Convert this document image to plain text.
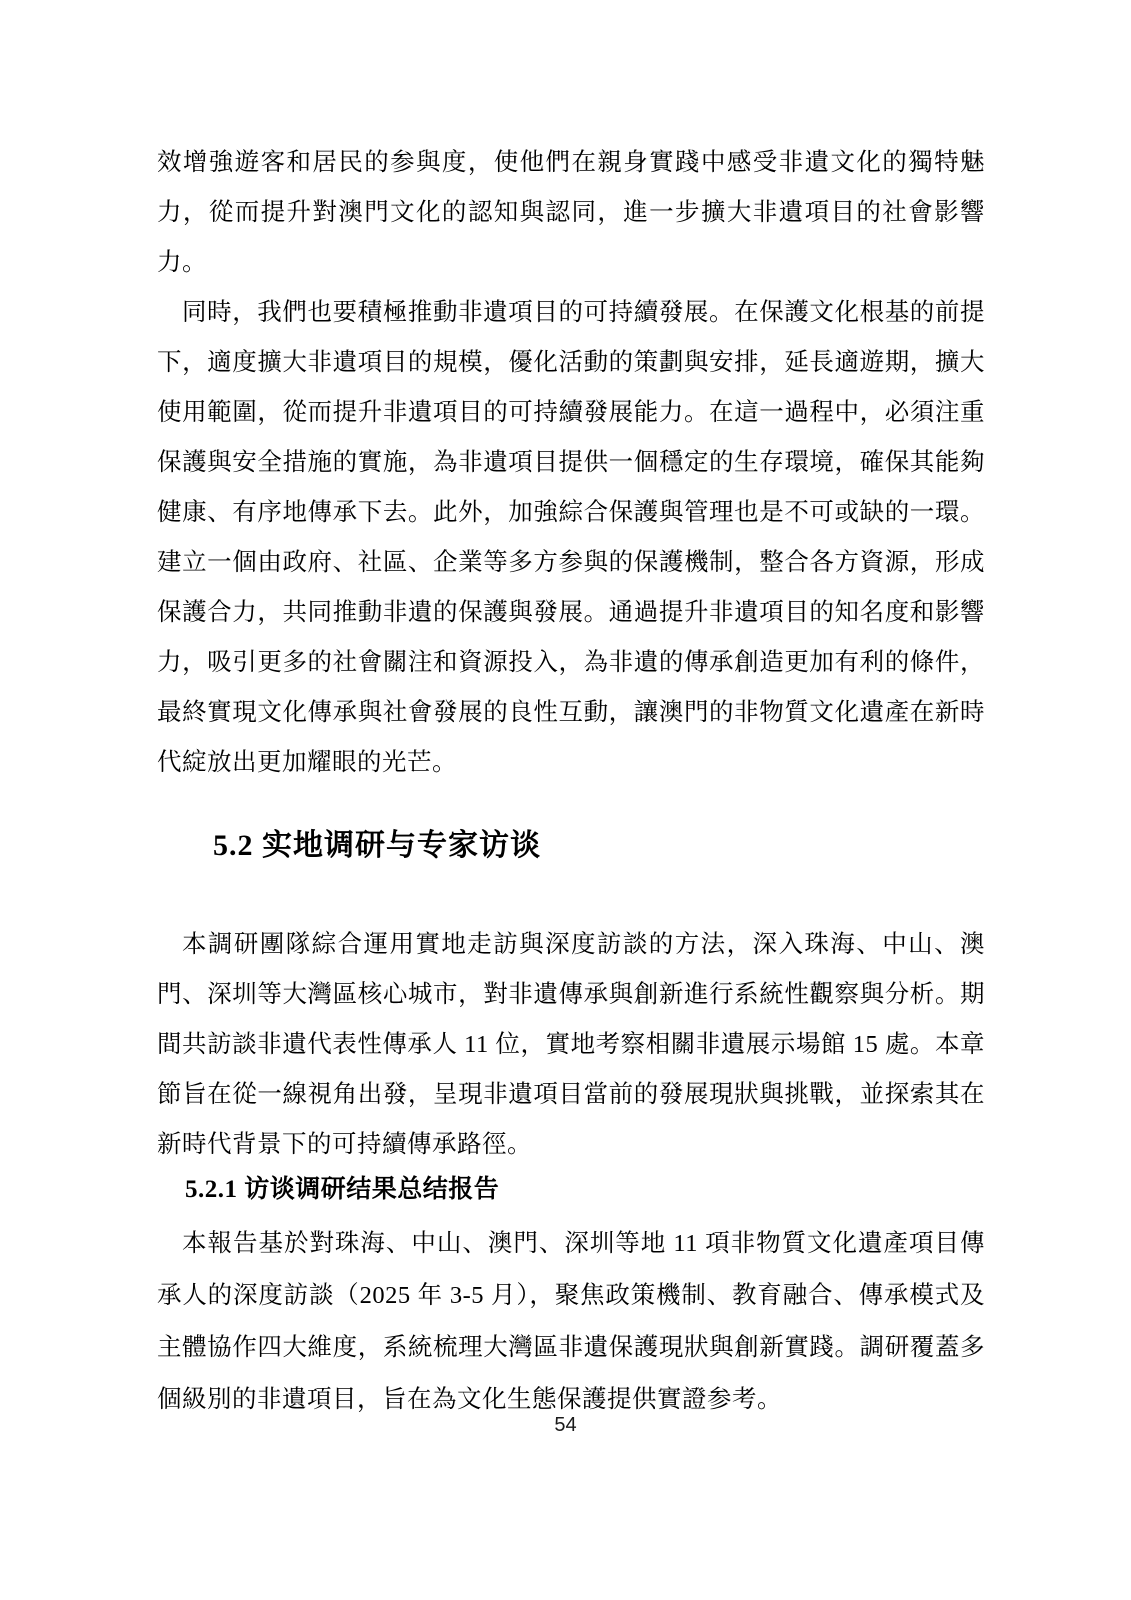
效增強遊客和居民的参與度，使他們在親身實踐中感受非遺文化的獨特魅力，從而提升對澳門文化的認知與認同，進一步擴大非遺項目的社會影響力。

同時，我們也要積極推動非遺項目的可持續發展。在保護文化根基的前提下，適度擴大非遺項目的規模，優化活動的策劃與安排，延長適遊期，擴大使用範圍，從而提升非遺項目的可持續發展能力。在這一過程中，必須注重保護與安全措施的實施，為非遺項目提供一個穩定的生存環境，確保其能夠健康、有序地傳承下去。此外，加強綜合保護與管理也是不可或缺的一環。建立一個由政府、社區、企業等多方参與的保護機制，整合各方資源，形成保護合力，共同推動非遺的保護與發展。通過提升非遺項目的知名度和影響力，吸引更多的社會關注和資源投入，為非遺的傳承創造更加有利的條件，最終實現文化傳承與社會發展的良性互動，讓澳門的非物質文化遺產在新時代綻放出更加耀眼的光芒。

5.2 实地调研与专家访谈

本調研團隊綜合運用實地走訪與深度訪談的方法，深入珠海、中山、澳門、深圳等大灣區核心城市，對非遺傳承與創新進行系統性觀察與分析。期間共訪談非遺代表性傳承人 11 位，實地考察相關非遺展示場館 15 處。本章節旨在從一線視角出發，呈現非遺項目當前的發展現狀與挑戰，並探索其在新時代背景下的可持續傳承路徑。

5.2.1 访谈调研结果总结报告

本報告基於對珠海、中山、澳門、深圳等地 11 項非物質文化遺產項目傳承人的深度訪談（2025 年 3-5 月），聚焦政策機制、教育融合、傳承模式及主體協作四大維度，系統梳理大灣區非遺保護現狀與創新實踐。調研覆蓋多個級別的非遺項目，旨在為文化生態保護提供實證参考。

54
